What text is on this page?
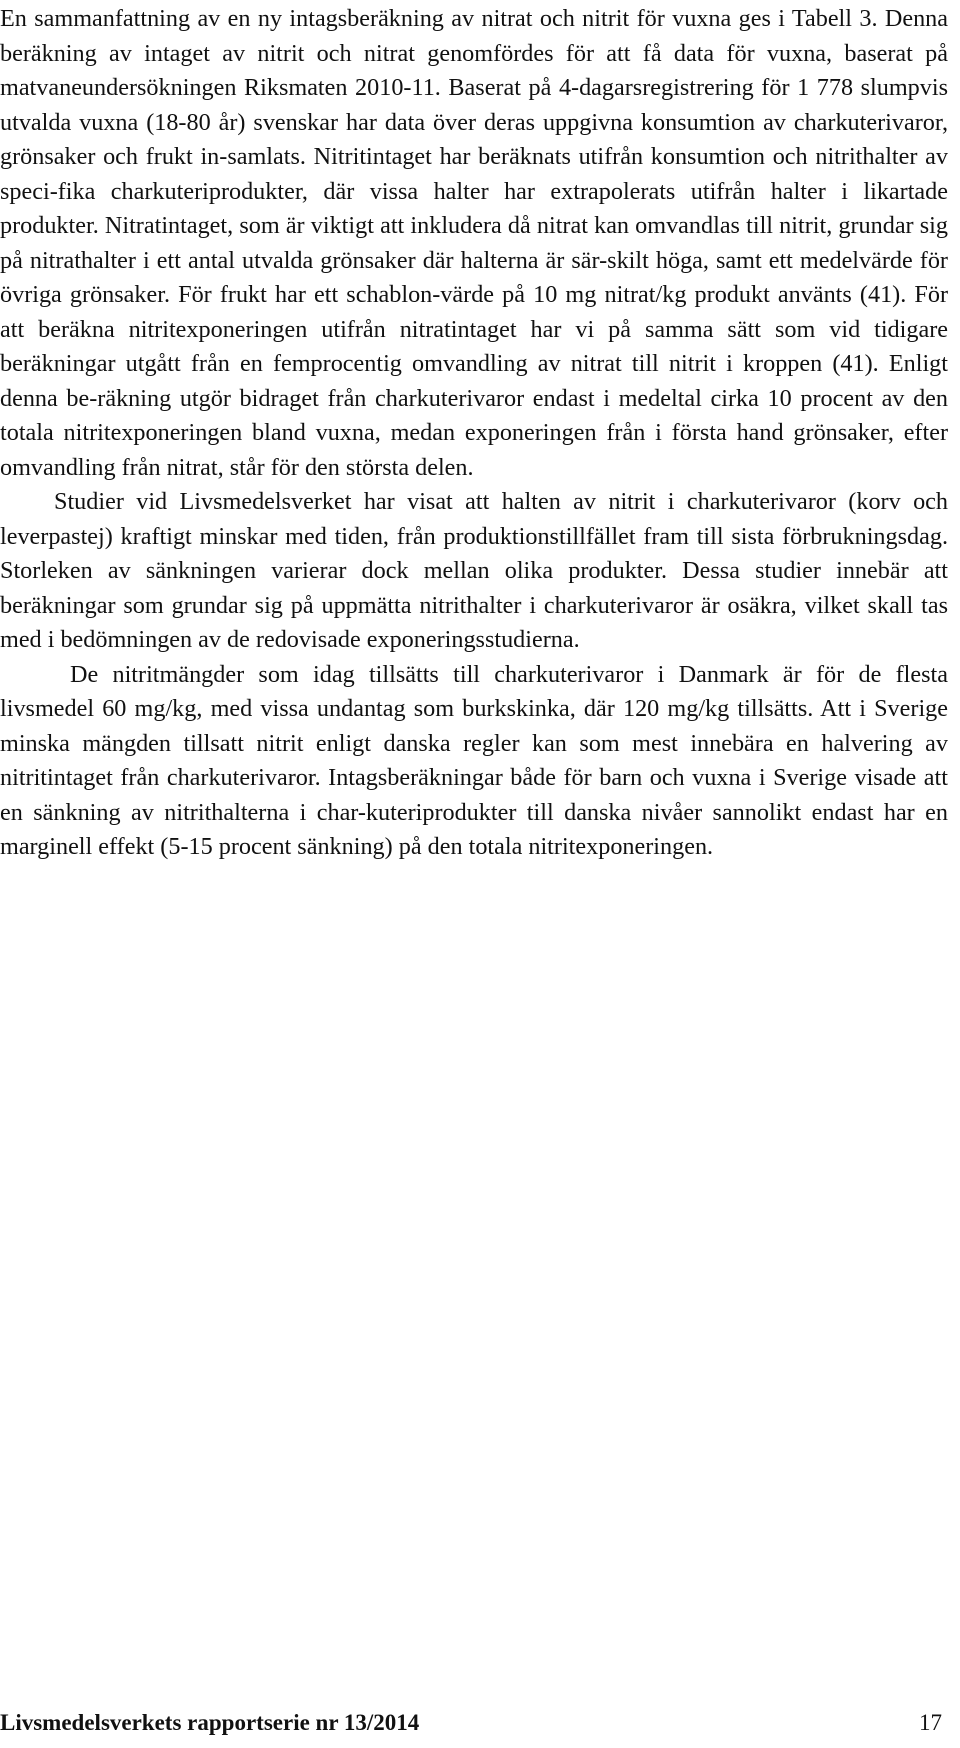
En sammanfattning av en ny intagsberäkning av nitrat och nitrit för vuxna ges i Tabell 3. Denna beräkning av intaget av nitrit och nitrat genomfördes för att få data för vuxna, baserat på matvaneundersökningen Riksmaten 2010-11. Baserat på 4-dagarsregistrering för 1 778 slumpvis utvalda vuxna (18-80 år) svenskar har data över deras uppgivna konsumtion av charkuterivaror, grönsaker och frukt in-samlats. Nitritintaget har beräknats utifrån konsumtion och nitrithalter av speci-fika charkuteriprodukter, där vissa halter har extrapolerats utifrån halter i likartade produkter. Nitratintaget, som är viktigt att inkludera då nitrat kan omvandlas till nitrit, grundar sig på nitrathalter i ett antal utvalda grönsaker där halterna är sär-skilt höga, samt ett medelvärde för övriga grönsaker. För frukt har ett schablon-värde på 10 mg nitrat/kg produkt använts (41). För att beräkna nitritexponeringen utifrån nitratintaget har vi på samma sätt som vid tidigare beräkningar utgått från en femprocentig omvandling av nitrat till nitrit i kroppen (41). Enligt denna be-räkning utgör bidraget från charkuterivaror endast i medeltal cirka 10 procent av den totala nitritexponeringen bland vuxna, medan exponeringen från i första hand grönsaker, efter omvandling från nitrat, står för den största delen.

Studier vid Livsmedelsverket har visat att halten av nitrit i charkuterivaror (korv och leverpastej) kraftigt minskar med tiden, från produktionstillfället fram till sista förbrukningsdag. Storleken av sänkningen varierar dock mellan olika produkter. Dessa studier innebär att beräkningar som grundar sig på uppmätta nitrithalter i charkuterivaror är osäkra, vilket skall tas med i bedömningen av de redovisade exponeringsstudierna.

De nitritmängder som idag tillsätts till charkuterivaror i Danmark är för de flesta livsmedel 60 mg/kg, med vissa undantag som burkskinka, där 120 mg/kg tillsätts. Att i Sverige minska mängden tillsatt nitrit enligt danska regler kan som mest innebära en halvering av nitritintaget från charkuterivaror. Intagsberäkningar både för barn och vuxna i Sverige visade att en sänkning av nitrithalterna i char-kuteriprodukter till danska nivåer sannolikt endast har en marginell effekt (5-15 procent sänkning) på den totala nitritexponeringen.

Livsmedelsverkets rapportserie nr 13/2014	17
